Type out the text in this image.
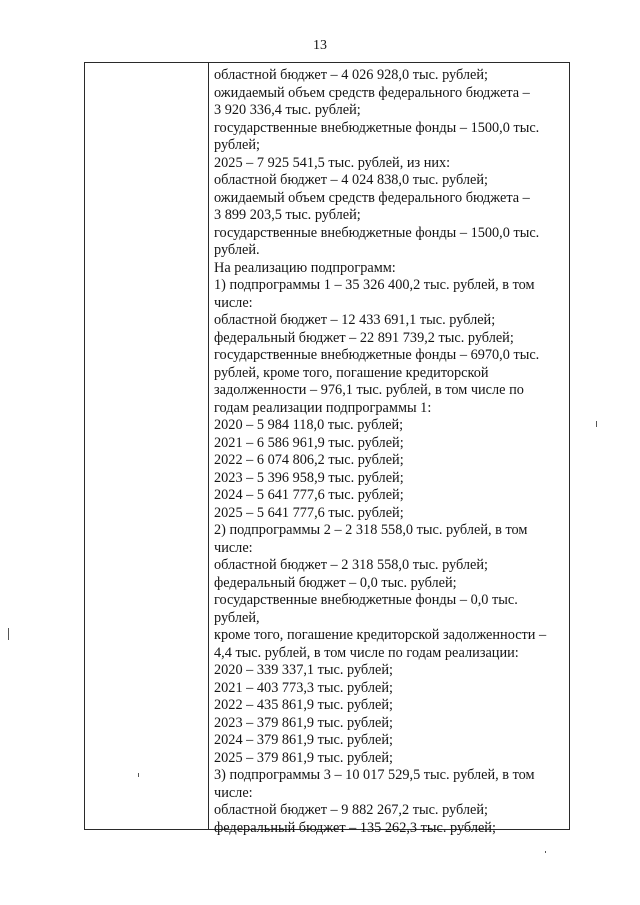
13
областной бюджет – 4 026 928,0 тыс. рублей;
ожидаемый объем средств федерального бюджета –
3 920 336,4 тыс. рублей;
государственные внебюджетные фонды – 1500,0 тыс.
рублей;
2025 – 7 925 541,5 тыс. рублей, из них:
областной бюджет – 4 024 838,0 тыс. рублей;
ожидаемый объем средств федерального бюджета –
3 899 203,5 тыс. рублей;
государственные внебюджетные фонды – 1500,0 тыс.
рублей.
На реализацию подпрограмм:
1) подпрограммы 1 – 35 326 400,2 тыс. рублей, в том
числе:
областной бюджет – 12 433 691,1 тыс. рублей;
федеральный бюджет – 22 891 739,2 тыс. рублей;
государственные внебюджетные фонды – 6970,0 тыс.
рублей, кроме того, погашение кредиторской
задолженности – 976,1 тыс. рублей, в том числе по
годам реализации подпрограммы 1:
2020 – 5 984 118,0 тыс. рублей;
2021 – 6 586 961,9 тыс. рублей;
2022 – 6 074 806,2 тыс. рублей;
2023 – 5 396 958,9 тыс. рублей;
2024 – 5 641 777,6 тыс. рублей;
2025 – 5 641 777,6 тыс. рублей;
2) подпрограммы 2 – 2 318 558,0 тыс. рублей, в том
числе:
областной бюджет – 2 318 558,0 тыс. рублей;
федеральный бюджет – 0,0 тыс. рублей;
государственные внебюджетные фонды – 0,0 тыс.
рублей,
кроме того, погашение кредиторской задолженности –
4,4 тыс. рублей, в том числе по годам реализации:
2020 – 339 337,1 тыс. рублей;
2021 – 403 773,3 тыс. рублей;
2022 – 435 861,9 тыс. рублей;
2023 – 379 861,9 тыс. рублей;
2024 – 379 861,9 тыс. рублей;
2025 – 379 861,9 тыс. рублей;
3) подпрограммы 3 – 10 017 529,5 тыс. рублей, в том
числе:
областной бюджет – 9 882 267,2 тыс. рублей;
федеральный бюджет – 135 262,3 тыс. рублей;
